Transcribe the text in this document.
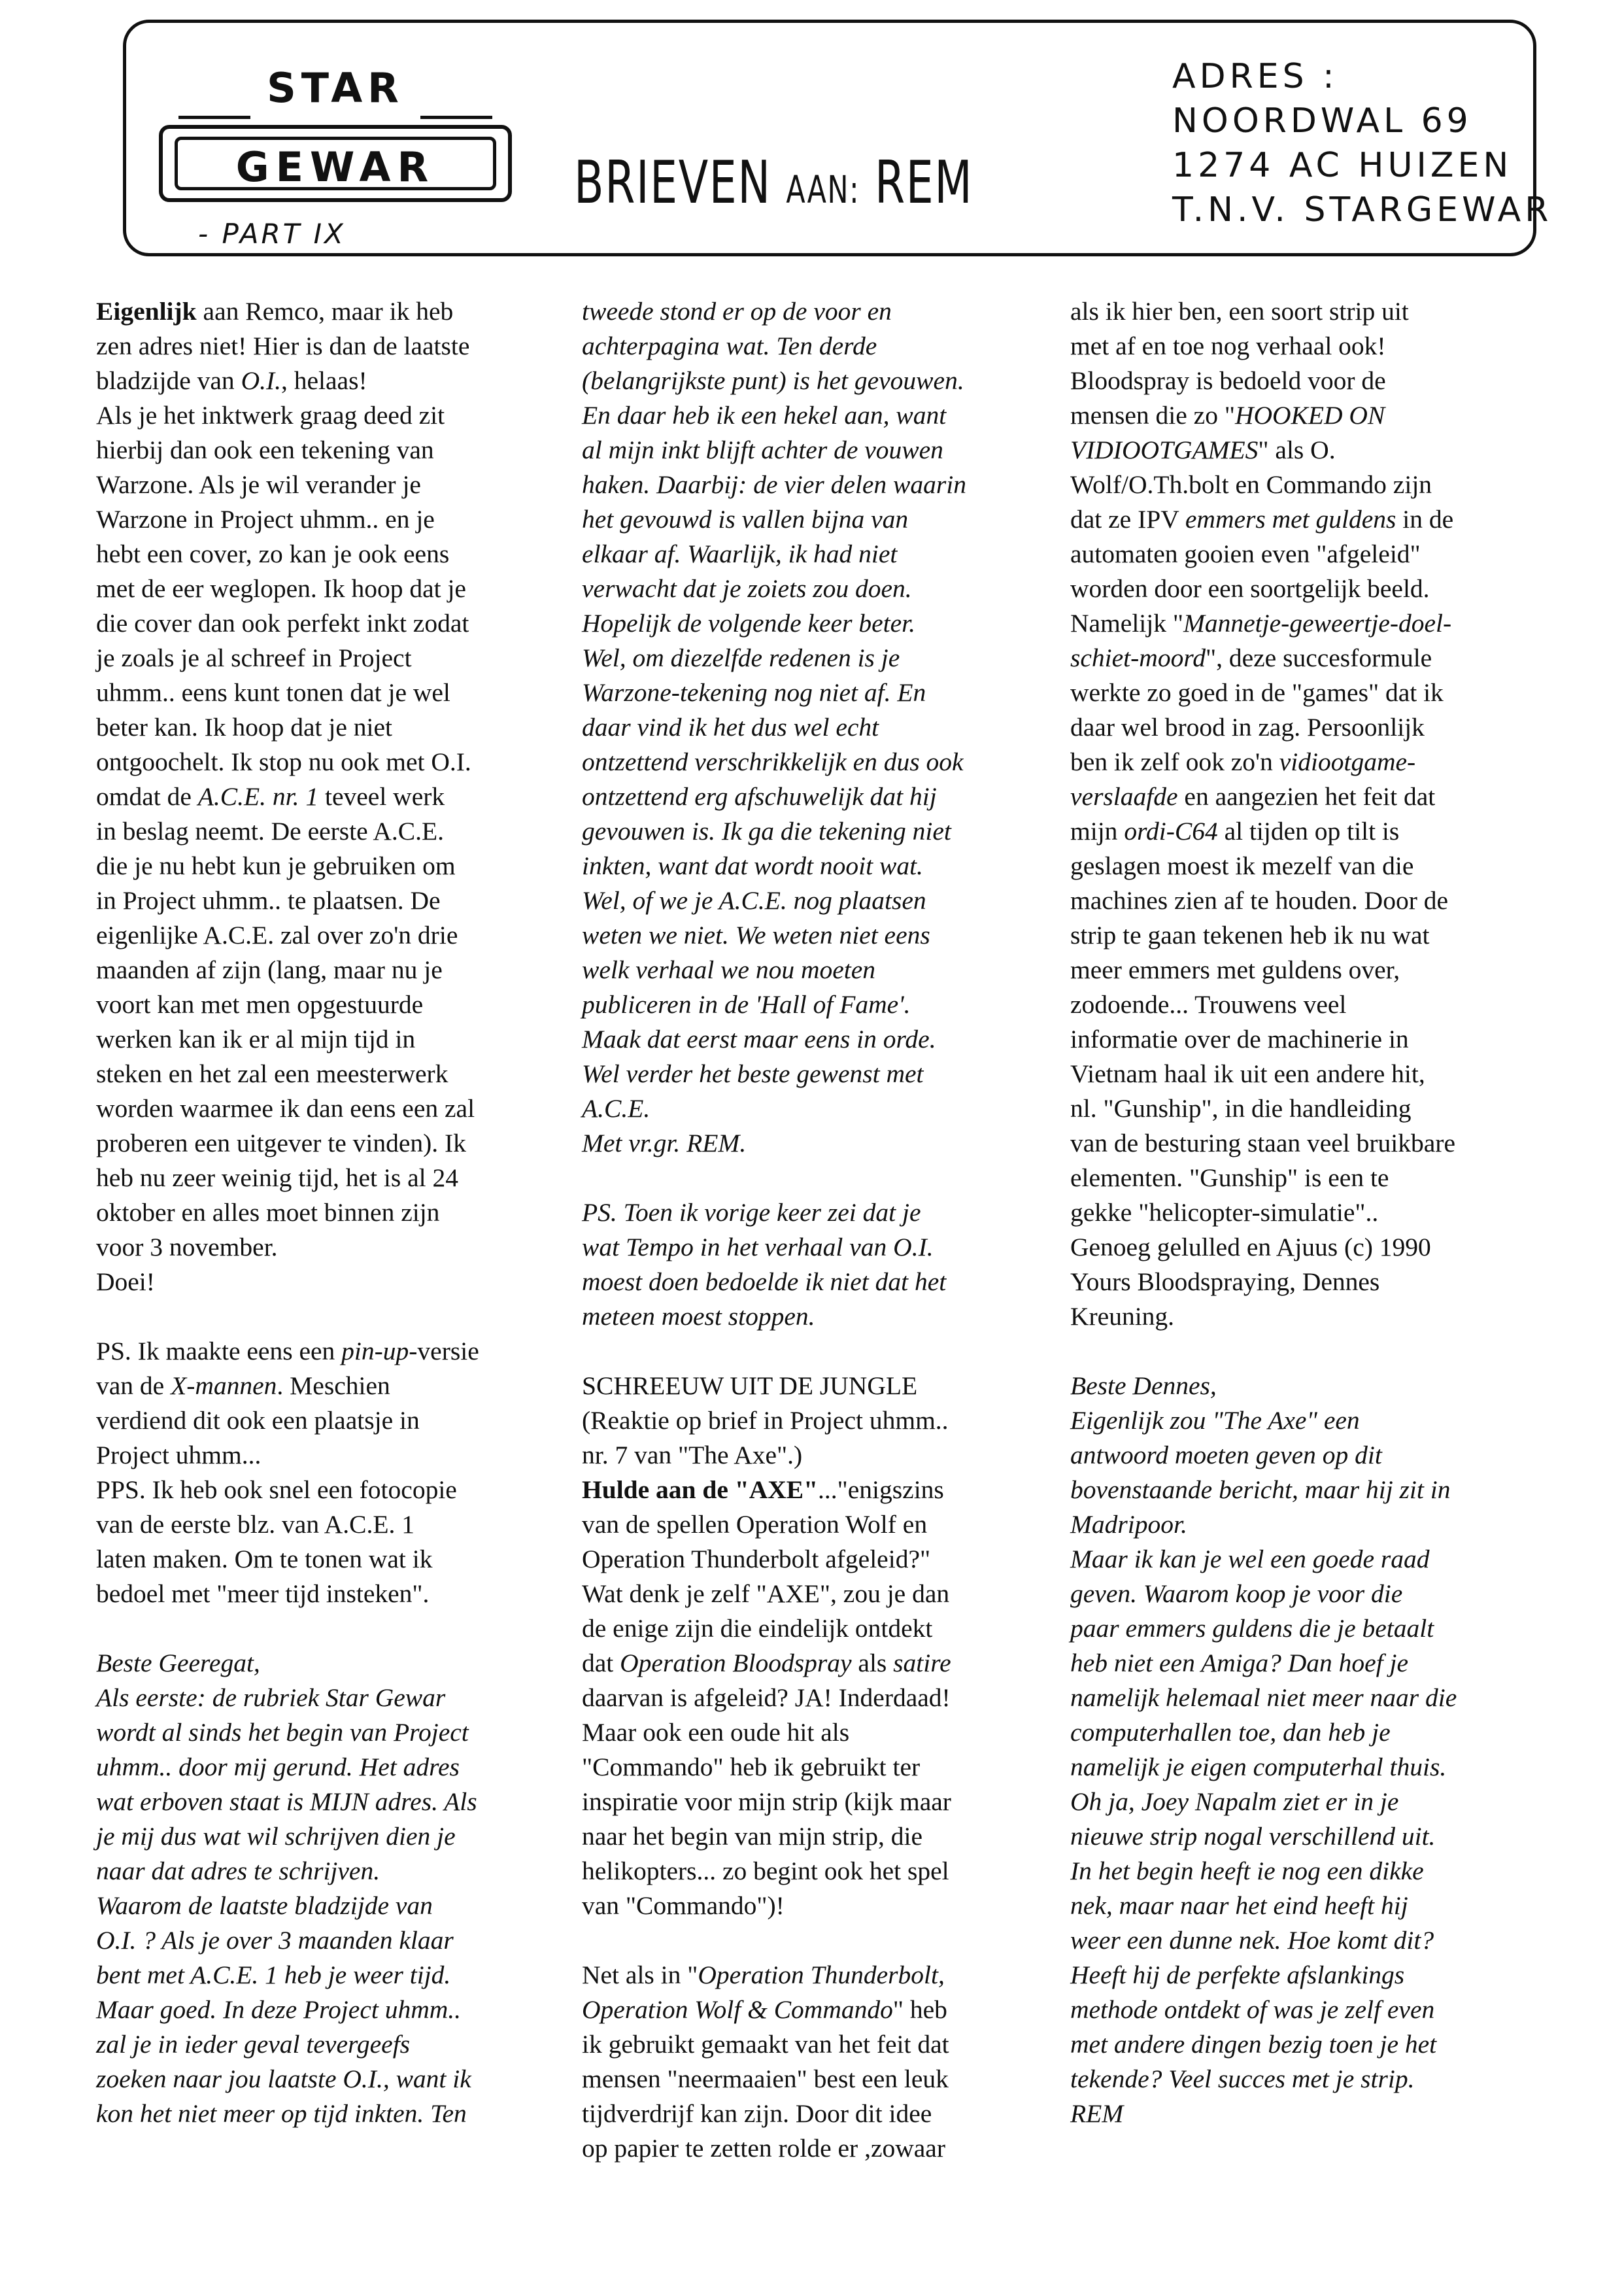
STAR
GEWAR
- PART IX
BRIEVEN AAN: REM
ADRES :
NOORDWAL 69
1274 AC HUIZEN
T.N.V. STARGEWAR

Eigenlijk aan Remco, maar ik heb

zen adres niet! Hier is dan de laatste

bladzijde van O.I., helaas!

Als je het inktwerk graag deed zit

hierbij dan ook een tekening van

Warzone. Als je wil verander je

Warzone in Project uhmm.. en je

hebt een cover, zo kan je ook eens

met de eer weglopen. Ik hoop dat je

die cover dan ook perfekt inkt zodat

je zoals je al schreef in Project

uhmm.. eens kunt tonen dat je wel

beter kan. Ik hoop dat je niet

ontgoochelt. Ik stop nu ook met O.I.

omdat de A.C.E. nr. 1 teveel werk

in beslag neemt. De eerste A.C.E.

die je nu hebt kun je gebruiken om

in Project uhmm.. te plaatsen. De

eigenlijke A.C.E. zal over zo'n drie

maanden af zijn (lang, maar nu je

voort kan met men opgestuurde

werken kan ik er al mijn tijd in

steken en het zal een meesterwerk

worden waarmee ik dan eens een zal

proberen een uitgever te vinden). Ik

heb nu zeer weinig tijd, het is al 24

oktober en alles moet binnen zijn

voor 3 november.

Doei!

PS. Ik maakte eens een pin-up-versie

van de X-mannen. Meschien

verdiend dit ook een plaatsje in

Project uhmm...

PPS. Ik heb ook snel een fotocopie

van de eerste blz. van A.C.E. 1

laten maken. Om te tonen wat ik

bedoel met "meer tijd insteken".

Beste Geeregat,

Als eerste: de rubriek Star Gewar

wordt al sinds het begin van Project

uhmm.. door mij gerund. Het adres

wat erboven staat is MIJN adres. Als

je mij dus wat wil schrijven dien je

naar dat adres te schrijven.

Waarom de laatste bladzijde van

O.I. ? Als je over 3 maanden klaar

bent met A.C.E. 1 heb je weer tijd.

Maar goed. In deze Project uhmm..

zal je in ieder geval tevergeefs

zoeken naar jou laatste O.I., want ik

kon het niet meer op tijd inkten. Ten

tweede stond er op de voor en

achterpagina wat. Ten derde

(belangrijkste punt) is het gevouwen.

En daar heb ik een hekel aan, want

al mijn inkt blijft achter de vouwen

haken. Daarbij: de vier delen waarin

het gevouwd is vallen bijna van

elkaar af. Waarlijk, ik had niet

verwacht dat je zoiets zou doen.

Hopelijk de volgende keer beter.

Wel, om diezelfde redenen is je

Warzone-tekening nog niet af. En

daar vind ik het dus wel echt

ontzettend verschrikkelijk en dus ook

ontzettend erg afschuwelijk dat hij

gevouwen is. Ik ga die tekening niet

inkten, want dat wordt nooit wat.

Wel, of we je A.C.E. nog plaatsen

weten we niet. We weten niet eens

welk verhaal we nou moeten

publiceren in de 'Hall of Fame'.

Maak dat eerst maar eens in orde.

Wel verder het beste gewenst met

A.C.E.

Met vr.gr. REM.

PS. Toen ik vorige keer zei dat je

wat Tempo in het verhaal van O.I.

moest doen bedoelde ik niet dat het

meteen moest stoppen.

SCHREEUW UIT DE JUNGLE

(Reaktie op brief in Project uhmm..

nr. 7 van "The Axe".)

Hulde aan de "AXE"..."enigszins

van de spellen Operation Wolf en

Operation Thunderbolt afgeleid?"

Wat denk je zelf "AXE", zou je dan

de enige zijn die eindelijk ontdekt

dat Operation Bloodspray als satire

daarvan is afgeleid? JA! Inderdaad!

Maar ook een oude hit als

"Commando" heb ik gebruikt ter

inspiratie voor mijn strip (kijk maar

naar het begin van mijn strip, die

helikopters... zo begint ook het spel

van "Commando")!

Net als in "Operation Thunderbolt,

Operation Wolf & Commando" heb

ik gebruikt gemaakt van het feit dat

mensen "neermaaien" best een leuk

tijdverdrijf kan zijn. Door dit idee

op papier te zetten rolde er ,zowaar

als ik hier ben, een soort strip uit

met af en toe nog verhaal ook!

Bloodspray is bedoeld voor de

mensen die zo "HOOKED ON

VIDIOOTGAMES" als O.

Wolf/O.Th.bolt en Commando zijn

dat ze IPV emmers met guldens in de

automaten gooien even "afgeleid"

worden door een soortgelijk beeld.

Namelijk "Mannetje-geweertje-doel-

schiet-moord", deze succesformule

werkte zo goed in de "games" dat ik

daar wel brood in zag. Persoonlijk

ben ik zelf ook zo'n vidiootgame-

verslaafde en aangezien het feit dat

mijn ordi-C64 al tijden op tilt is

geslagen moest ik mezelf van die

machines zien af te houden. Door de

strip te gaan tekenen heb ik nu wat

meer emmers met guldens over,

zodoende... Trouwens veel

informatie over de machinerie in

Vietnam haal ik uit een andere hit,

nl. "Gunship", in die handleiding

van de besturing staan veel bruikbare

elementen. "Gunship" is een te

gekke "helicopter-simulatie"..

Genoeg gelulled en Ajuus (c) 1990

Yours Bloodspraying, Dennes

Kreuning.

Beste Dennes,

Eigenlijk zou "The Axe" een

antwoord moeten geven op dit

bovenstaande bericht, maar hij zit in

Madripoor.

Maar ik kan je wel een goede raad

geven. Waarom koop je voor die

paar emmers guldens die je betaalt

heb niet een Amiga? Dan hoef je

namelijk helemaal niet meer naar die

computerhallen toe, dan heb je

namelijk je eigen computerhal thuis.

Oh ja, Joey Napalm ziet er in je

nieuwe strip nogal verschillend uit.

In het begin heeft ie nog een dikke

nek, maar naar het eind heeft hij

weer een dunne nek. Hoe komt dit?

Heeft hij de perfekte afslankings

methode ontdekt of was je zelf even

met andere dingen bezig toen je het

tekende? Veel succes met je strip.

REM
